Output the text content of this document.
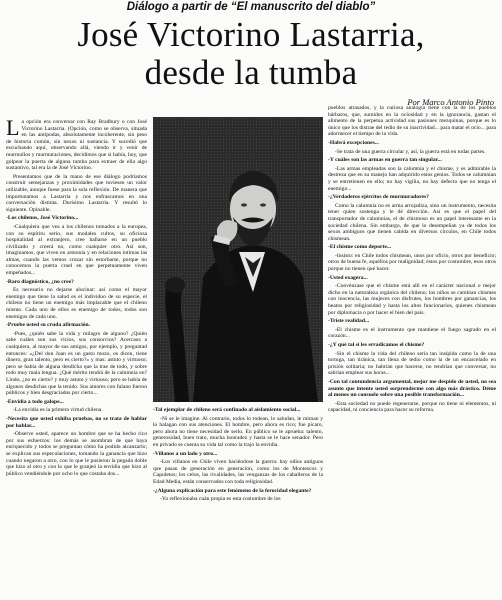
Diálogo a partir de “El manuscrito del diablo”
José Victorino Lastarria,
desde la tumba
Por Marco Antonio Pinto

La opción era conversar con Ray Bradbury o con José Victorino Lastarria. (Opción, como se observa, situada en las antípodas, absolutamente incoherente, sin peso de historia común, sin nexos ni sustancia. Y sucedió que escuchando aquí, observando allá, viendo ir y venir de murmullos y murmuraciones, decidimos que si había, hoy, que golpear la puerta de alguna tumba para extraer de ella algo sustantivo, tal era la de José Victorino.

Presentamos que de la mano de ese diálogo podríamos construir semejanzas y proximidades que tuviesen un valor utilizable, aunque fuese para la sola reflexión. De manera que importunamos a Lastarria y nos enfrascamos en una conversación distinta. Durísimo Lastarria. Y resultó lo siguiente. Opinable.

-Los chilenos, José Victorino...

-Cualquiera que vea a los chilenos tomados a la europea, con su espíritu serio, sus modales cultos, su oficiosa hospitalidad al extranjero, cree hallarse en un pueblo civilizado y creerá no, como cualquier otro. Así son, imaginamos, que viven en armonía y en relaciones íntimas las almas, cuando las vemos cruzar sin estorbarse, porque no conocemos la puerta cruel en que perpetuamente viven empeñados...

-Raro diagnóstico, ¿no cree?

Es necesario no dejarse alucinar: así como el mayor enemigo que tiene la salud es el individuo de su especie, el chileno no tiene un enemigo más implacable que el chileno mismo. Cada uno de ellos es enemigo de todos, todos son enemigos de cada uno.

-Pruebe usted su cruda afirmación.

-Pues, ¿quién sabe la vida y milagro de alguno? ¿Quién sabe cuáles son sus vicios, sus consorcios? Acercaos a cualquiera, al mayor de sus amigos, por ejemplo, y preguntad entonces: «¿Del don Juan es un gasto mozo, os dicen, tiene dinero, gran talento, pero es cierto?» y mas: astuto y virtuoso; pero se había de alguna desdicha que la trae de todo, y sobre todo muy mala lengua. ¿Qué mérito tendrá de la calumnia en? Lindo, ¿no es cierto? y muy astuto y virtuoso; pero se había de algunos desdichas que la tenido. Sus amores con fulano fueron públicos y bien desgraciados por cierto...

-Envidia a todo galope...

-La envidia es la primera virtud chilena.

-Necesita que usted exhiba pruebas, no se trata de hablar por hablar...

-Observe usted, aparece un hombre que se ha hecho rico por sus esfuerzos: los demás se asombran de que haya enriquecido y todos se preguntan cómo ha podido alcanzarlo; se explican sus especulaciones, tomando la ganancia que hizo cuando negaron a otro, con lo que le pusieron la pegada doble que hizo al otro y con lo que le granjeó la envidia que hizo al público vendiéndole por ocho lo que costaba dos...

-Tal ejemplar de chileno será confinado al aislamiento social...

-Ni se le imagine. Al contrario, todos lo rodean, lo saludan, le miman y lo halagan con sus atenciones. El hombre, pero ahora es rico; fue pícaro, pero ahora no tiene necesidad de serlo. En público se le aprueba: talento, generosidad, buen trato, mucha honradez y hasta se le hace senador. Pero en privado se cuenta su vida tal como la trajo la envidia.

-Villanos a un lado y otro...

-Los villanos en Chile viven haciéndose la guerra: hay odios antiguos que pasan de generación en generación, como los de Montescos y Capuletos; los celos, las rivalidades, las venganzas de los caballeros de la Edad Media, están conservados con toda religiosidad.

-¿Alguna explicación para este fenómeno de la ferocidad elegante?

-Yo reflexionaba cuán propia es esta costumbre de los

pueblos atrasados, y la curiosa analogía tiene con la de los pueblos bárbaros, que, sumidos en la ociosidad y en la ignorancia, gastan el alimento de la perpetua actividad sus pasiones mezquinas, porque es lo único que los distrae del tedio de su inactividad... para matar el ocio... para adormecer el tiempo de la vida.

-Habrá excepciones...

-Se trata de una guerra circular y, así, la guerra está en todas partes.

-Y cuáles son las armas en guerra tan singular...

-Las armas empleadas son la calumnia y el chisme, y es admirable la destreza que en su manejo han adquirido estos genios. Todos se calumnian y se entretienen en ello; no hay vigilia, no hay defecto que no tenga el enemigo...

-¿Verdaderos ejércitos de murmuradores?

Como la calumnia no es arma arrojadiza, sino un instrumento, necesita tener quien sostenga y le dé dirección. Así es que el papel del transportador de calumnias, el de chismoso es un papel interesante en la sociedad chilena. Sin embargo, de que lo desempeñan ya de todos los sexos ambiguos que tienen cabida en diversos círculos, en Chile todos chismean.

-El chisme como deporte...

-Insisto: en Chile todos chismean, unos por oficio, otros por beneficio; otros de buena fe, aquéllos por malignidad; éstos por costumbre, esos otros porque no tienen qué hacer.

-Usted exagera...

-Convénzase que el chisme está allí en el carácter nacional o mejor dicho en la naturaleza orgánica del chileno; los niños se cambian chismes con inocencia, las mujeces con disfrutes, los hombres por ganancias, los beatos por religiosidad y hasta los altos funcionarios, quienes chismean por diplomacia o por hacer el bien del país.

-Triste realidad...

-El chisme es el instrumento que mantiene el fuego sagrado en el corazón...

-¿Y qué tal si les erradicamos el chisme?

-Sin el chisme la vida del chileno sería tan insípida como la de una tortuga, tan tiránica, tan llena de tedio como la de un encarcelado en prisión solitaria; no habrían que hacerse, no tendrían que conversar, no sabrían emplear sus horas...

-Con tal contundencia argumental, mejor me despido de usted, no sea asunto que intente usted sorprenderme con algo más drástico. Déme al menos un consuelo sobre una posible transformación...

-Esta sociedad no puede regenerarse, porque no tiene ni elementos, ni capacidad, ni conciencia para hacer su reforma.
